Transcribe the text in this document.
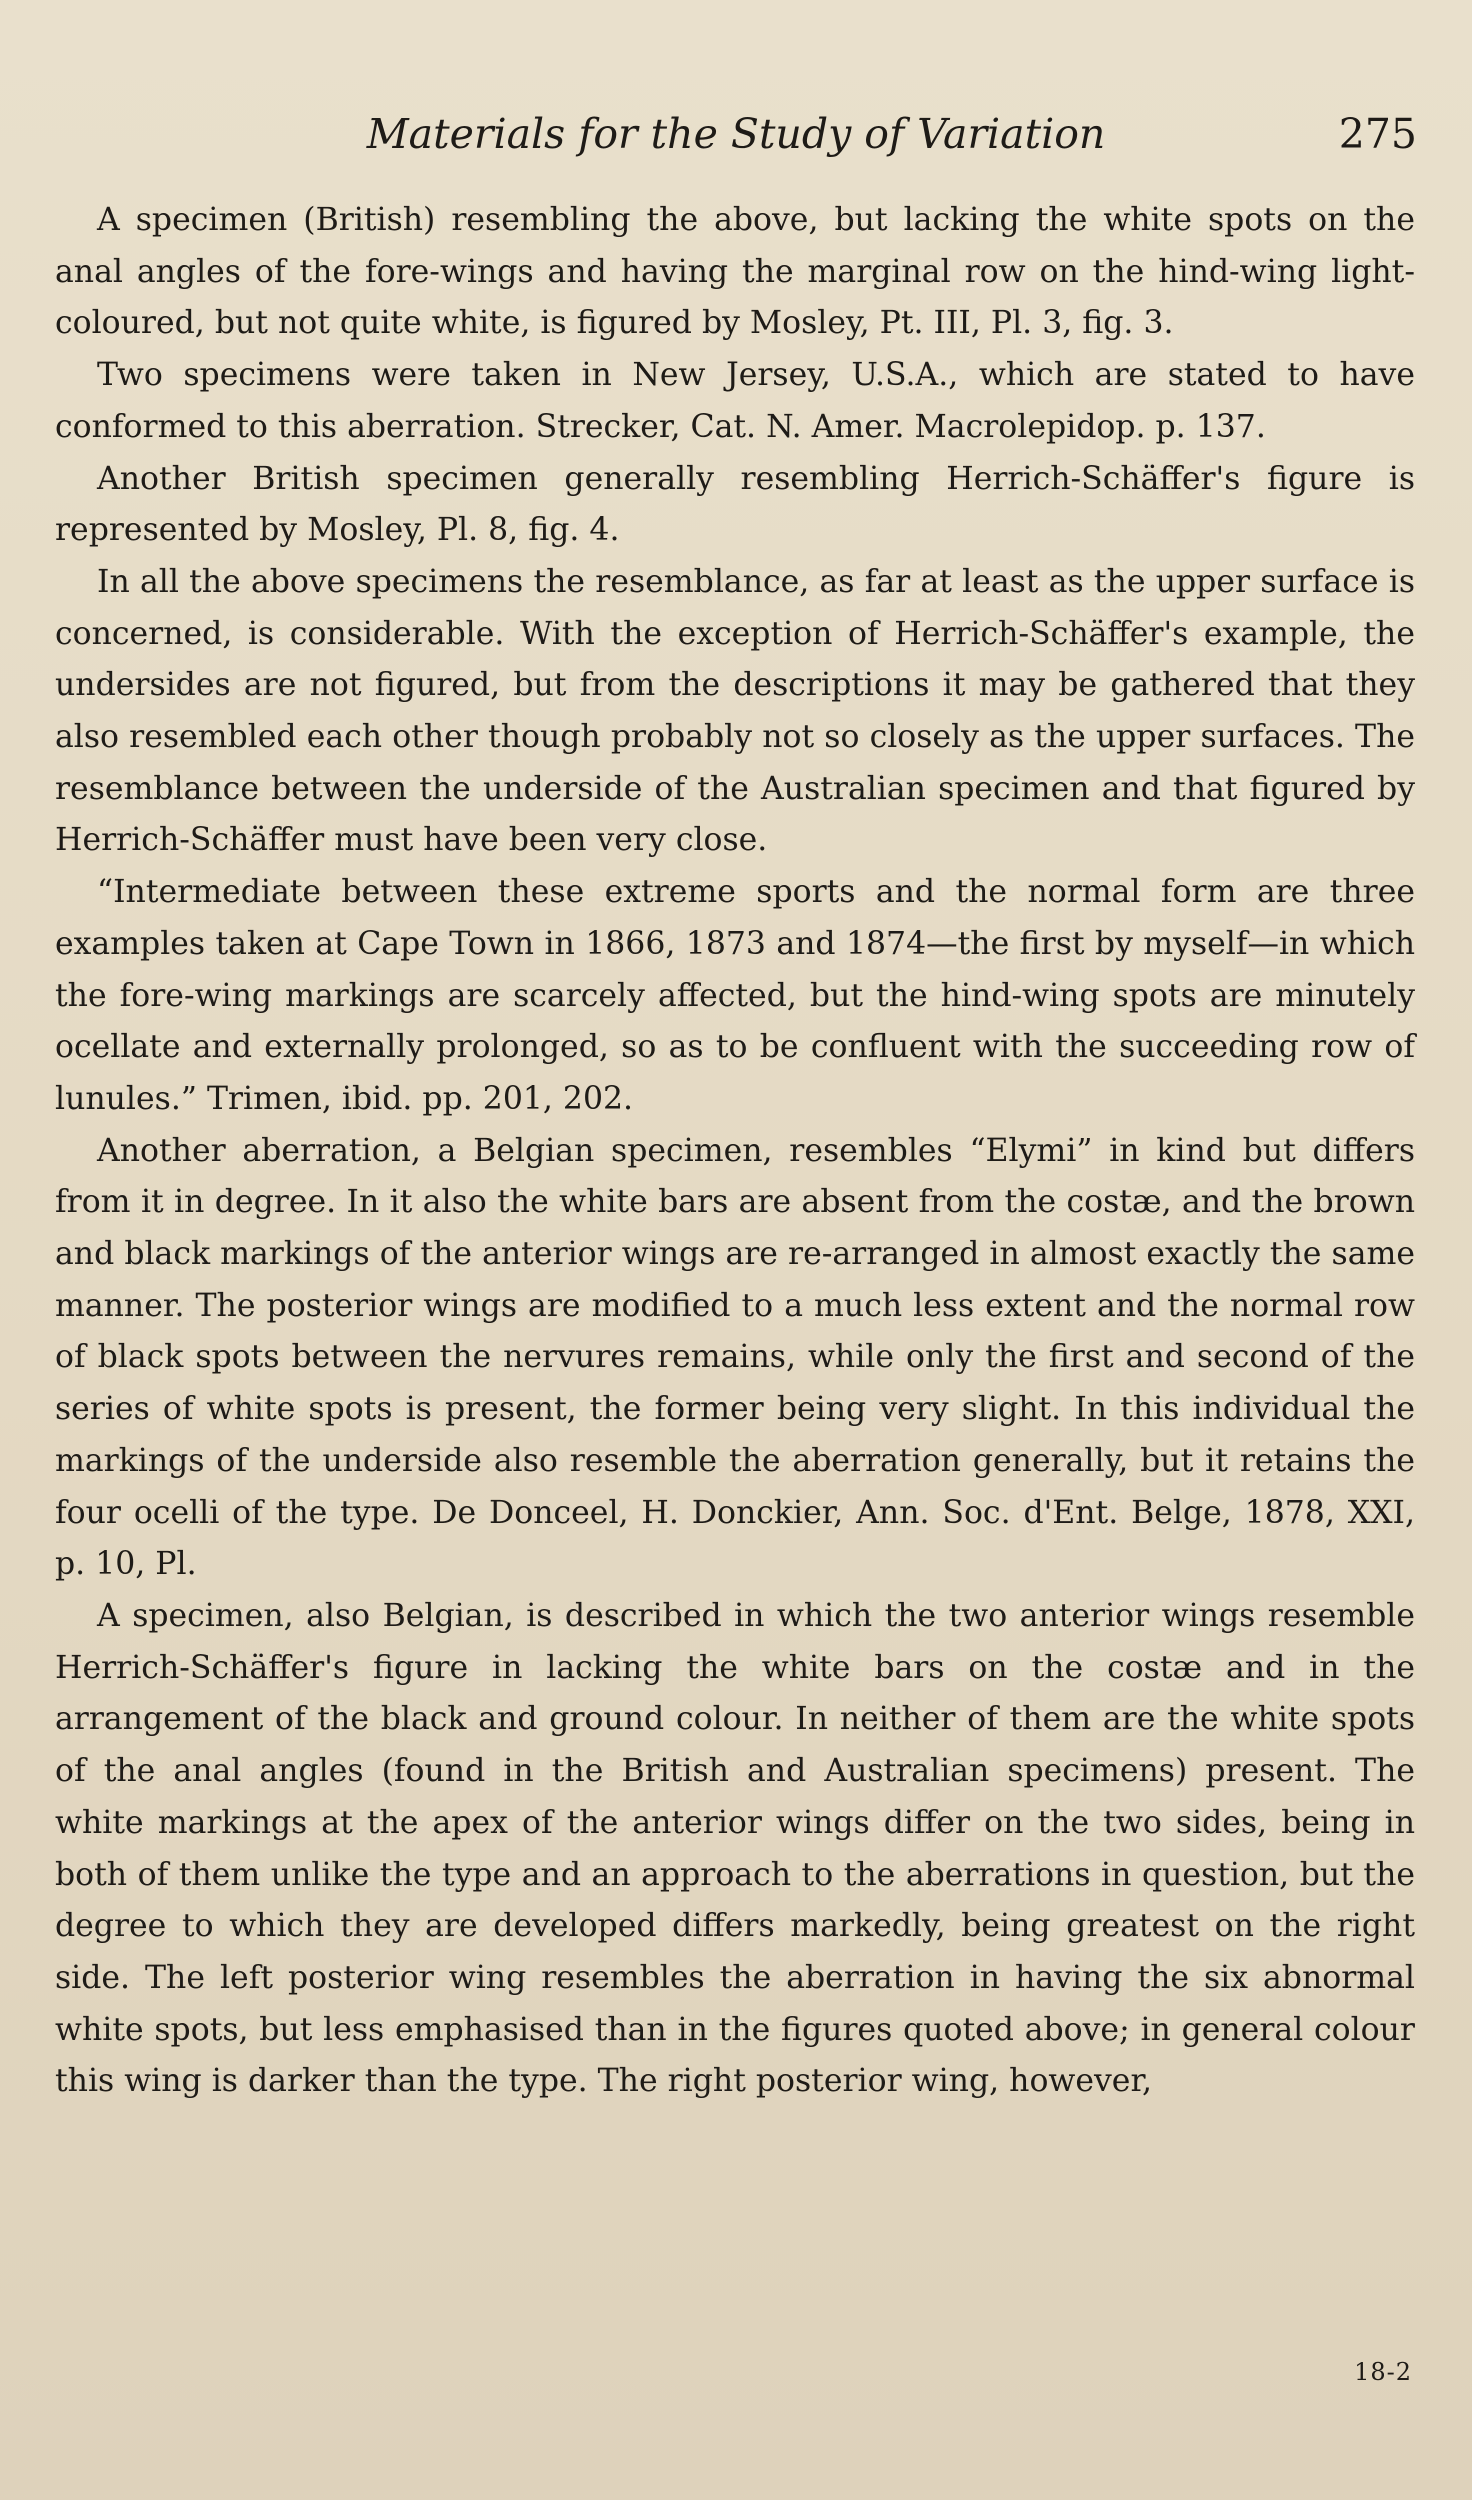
Materials for the Study of Variation	275

A specimen (British) resembling the above, but lacking the white spots on the anal angles of the fore-wings and having the marginal row on the hind-wing light-coloured, but not quite white, is figured by Mosley, Pt. III, Pl. 3, fig. 3.

Two specimens were taken in New Jersey, U.S.A., which are stated to have conformed to this aberration. Strecker, Cat. N. Amer. Macrolepidop. p. 137.

Another British specimen generally resembling Herrich-Schäffer's figure is represented by Mosley, Pl. 8, fig. 4.

In all the above specimens the resemblance, as far at least as the upper surface is concerned, is considerable. With the exception of Herrich-Schäffer's example, the undersides are not figured, but from the descriptions it may be gathered that they also resembled each other though probably not so closely as the upper surfaces. The resemblance between the underside of the Australian specimen and that figured by Herrich-Schäffer must have been very close.

“Intermediate between these extreme sports and the normal form are three examples taken at Cape Town in 1866, 1873 and 1874—the first by myself—in which the fore-wing markings are scarcely affected, but the hind-wing spots are minutely ocellate and externally prolonged, so as to be confluent with the succeeding row of lunules.” Trimen, ibid. pp. 201, 202.

Another aberration, a Belgian specimen, resembles “Elymi” in kind but differs from it in degree. In it also the white bars are absent from the costæ, and the brown and black markings of the anterior wings are re-arranged in almost exactly the same manner. The posterior wings are modified to a much less extent and the normal row of black spots between the nervures remains, while only the first and second of the series of white spots is present, the former being very slight. In this individual the markings of the underside also resemble the aberration generally, but it retains the four ocelli of the type. De Donceel, H. Donckier, Ann. Soc. d'Ent. Belge, 1878, XXI, p. 10, Pl.

A specimen, also Belgian, is described in which the two anterior wings resemble Herrich-Schäffer's figure in lacking the white bars on the costæ and in the arrangement of the black and ground colour. In neither of them are the white spots of the anal angles (found in the British and Australian specimens) present. The white markings at the apex of the anterior wings differ on the two sides, being in both of them unlike the type and an approach to the aberrations in question, but the degree to which they are developed differs markedly, being greatest on the right side. The left posterior wing resembles the aberration in having the six abnormal white spots, but less emphasised than in the figures quoted above; in general colour this wing is darker than the type. The right posterior wing, however,

18-2
